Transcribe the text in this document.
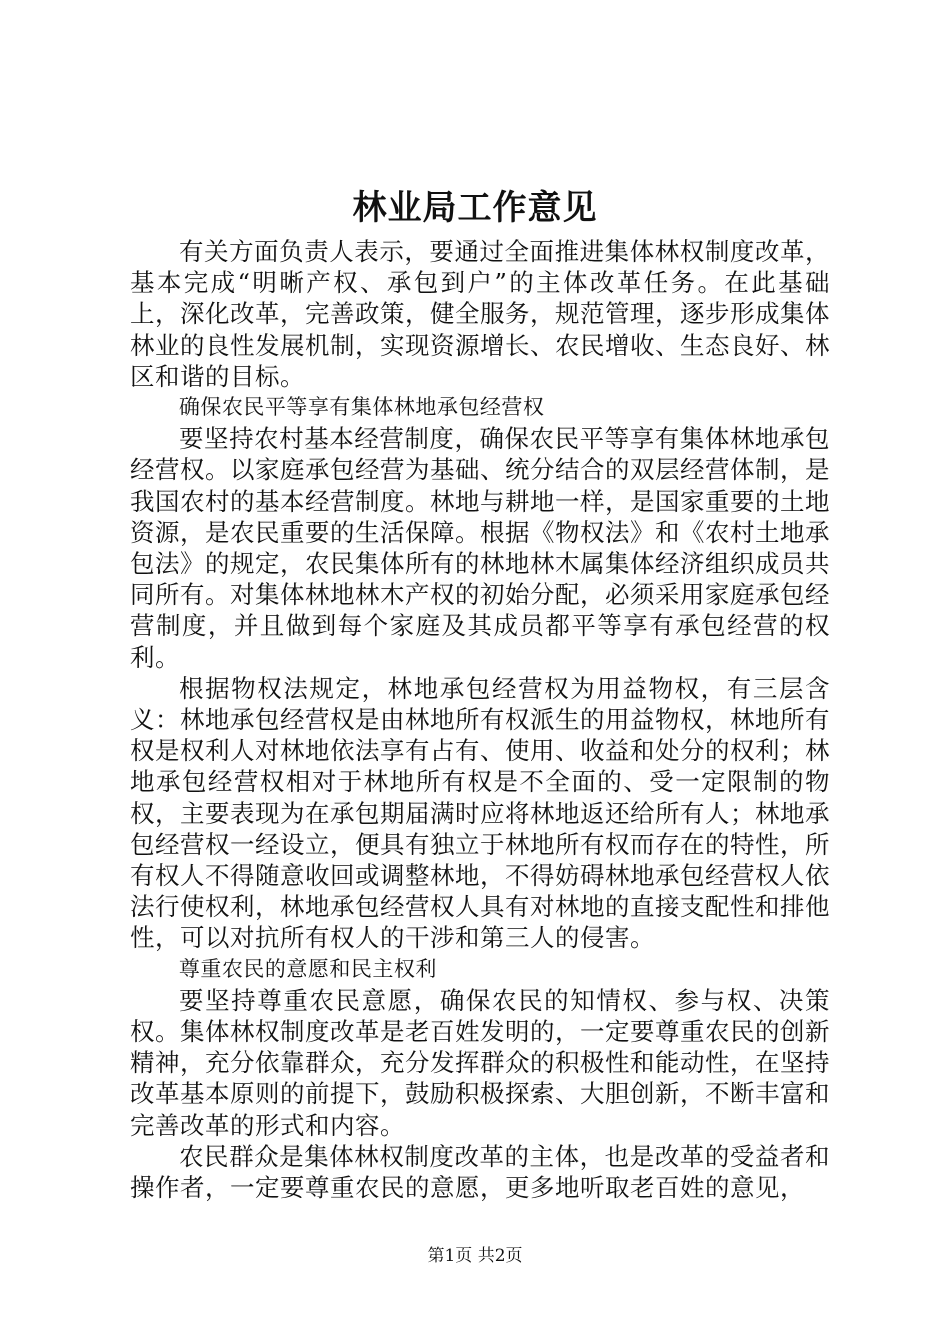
林业局工作意见

有关方面负责人表示，要通过全面推进集体林权制度改革，基本完成“明晰产权、承包到户”的主体改革任务。在此基础上，深化改革，完善政策，健全服务，规范管理，逐步形成集体林业的良性发展机制，实现资源增长、农民增收、生态良好、林区和谐的目标。

确保农民平等享有集体林地承包经营权

要坚持农村基本经营制度，确保农民平等享有集体林地承包经营权。以家庭承包经营为基础、统分结合的双层经营体制，是我国农村的基本经营制度。林地与耕地一样，是国家重要的土地资源，是农民重要的生活保障。根据《物权法》和《农村土地承包法》的规定，农民集体所有的林地林木属集体经济组织成员共同所有。对集体林地林木产权的初始分配，必须采用家庭承包经营制度，并且做到每个家庭及其成员都平等享有承包经营的权利。

根据物权法规定，林地承包经营权为用益物权，有三层含义：林地承包经营权是由林地所有权派生的用益物权，林地所有权是权利人对林地依法享有占有、使用、收益和处分的权利；林地承包经营权相对于林地所有权是不全面的、受一定限制的物权，主要表现为在承包期届满时应将林地返还给所有人；林地承包经营权一经设立，便具有独立于林地所有权而存在的特性，所有权人不得随意收回或调整林地，不得妨碍林地承包经营权人依法行使权利，林地承包经营权人具有对林地的直接支配性和排他性，可以对抗所有权人的干涉和第三人的侵害。

尊重农民的意愿和民主权利

要坚持尊重农民意愿，确保农民的知情权、参与权、决策权。集体林权制度改革是老百姓发明的，一定要尊重农民的创新精神，充分依靠群众，充分发挥群众的积极性和能动性，在坚持改革基本原则的前提下，鼓励积极探索、大胆创新，不断丰富和完善改革的形式和内容。

农民群众是集体林权制度改革的主体，也是改革的受益者和操作者，一定要尊重农民的意愿，更多地听取老百姓的意见，

第1页 共2页
